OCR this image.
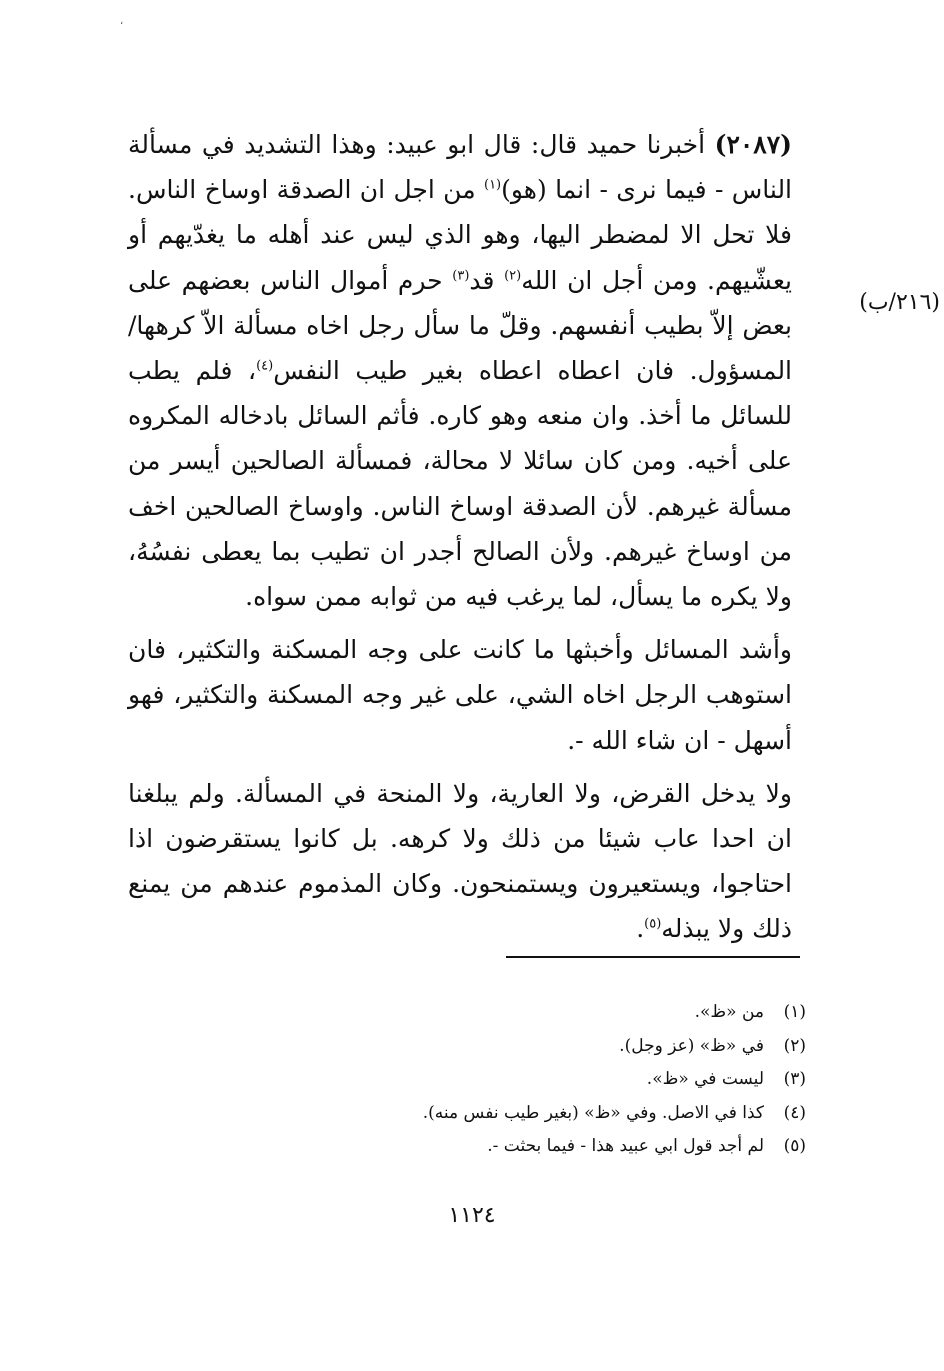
،
(٢١٦/ب)

(٢٠٨٧) أخبرنا حميد قال: قال ابو عبيد: وهذا التشديد في مسألة الناس - فيما نرى - انما (هو)$^{(١)}$ من اجل ان الصدقة اوساخ الناس. فلا تحل الا لمضطر اليها، وهو الذي ليس عند أهله ما يغدّيهم أو يعشّيهم. ومن أجل ان الله$^{(٢)}$ قد$^{(٣)}$ حرم أموال الناس بعضهم على بعض إلاّ بطيب أنفسهم. وقلّ ما سأل رجل اخاه مسألة الاّ كرهها/ المسؤول. فان اعطاه اعطاه بغير طيب النفس$^{(٤)}$، فلم يطب للسائل ما أخذ. وان منعه وهو كاره. فأثم السائل بادخاله المكروه على أخيه. ومن كان سائلا لا محالة، فمسألة الصالحين أيسر من مسألة غيرهم. لأن الصدقة اوساخ الناس. واوساخ الصالحين اخف من اوساخ غيرهم. ولأن الصالح أجدر ان تطيب بما يعطى نفسُهُ، ولا يكره ما يسأل، لما يرغب فيه من ثوابه ممن سواه.

وأشد المسائل وأخبثها ما كانت على وجه المسكنة والتكثير، فان استوهب الرجل اخاه الشي، على غير وجه المسكنة والتكثير، فهو أسهل - ان شاء الله -.

ولا يدخل القرض، ولا العارية، ولا المنحة في المسألة. ولم يبلغنا ان احدا عاب شيئا من ذلك ولا كرهه. بل كانوا يستقرضون اذا احتاجوا، ويستعيرون ويستمنحون. وكان المذموم عندهم من يمنع ذلك ولا يبذله$^{(٥)}$.

(١)
من «ظ».
(٢)
في «ظ» (عز وجل).
(٣)
ليست في «ظ».
(٤)
كذا في الاصل. وفي «ظ» (بغير طيب نفس منه).
(٥)
لم أجد قول ابي عبيد هذا - فيما بحثت -.
١١٢٤
